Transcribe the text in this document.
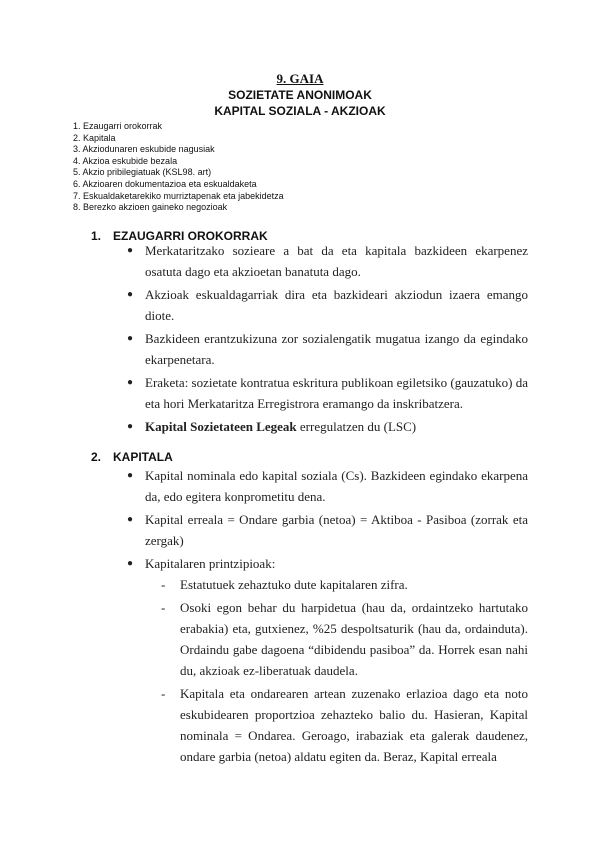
9. GAIA
SOZIETATE ANONIMOAK
KAPITAL SOZIALA - AKZIOAK
1. Ezaugarri orokorrak
2. Kapitala
3. Akziodunaren eskubide nagusiak
4. Akzioa eskubide bezala
5. Akzio pribilegiatuak (KSL98. art)
6. Akzioaren dokumentazioa eta eskualdaketa
7. Eskualdaketarekiko murriztapenak eta jabekidetza
8. Berezko akzioen gaineko negozioak
1. EZAUGARRI OROKORRAK
● Merkataritzako sozieare a bat da eta kapitala bazkideen ekarpenez osatuta dago eta akzioetan banatuta dago.
● Akzioak eskualdagarriak dira eta bazkideari akziodun izaera emango diote.
● Bazkideen erantzukizuna zor sozialengatik mugatua izango da egindako ekarpenetara.
● Eraketa: sozietate kontratua eskritura publikoan egiletsiko (gauzatuko) da eta hori Merkataritza Erregistrora eramango da inskribatzera.
● Kapital Sozietateen Legeak erregulatzen du (LSC)
2. KAPITALA
● Kapital nominala edo kapital soziala (Cs). Bazkideen egindako ekarpena da, edo egitera konprometitu dena.
● Kapital erreala = Ondare garbia (netoa) = Aktiboa - Pasiboa (zorrak eta zergak)
● Kapitalaren printzipioak:
- Estatutuek zehaztuko dute kapitalaren zifra.
- Osoki egon behar du harpidetua (hau da, ordaintzeko hartutako erabakia) eta, gutxienez, %25 despoltsaturik (hau da, ordainduta). Ordaindu gabe dagoena “dibidendu pasiboa” da. Horrek esan nahi du, akzioak ez-liberatuak daudela.
- Kapitala eta ondarearen artean zuzenako erlazioa dago eta noto eskubidearen proportzioa zehazteko balio du. Hasieran, Kapital nominala = Ondarea. Geroago, irabaziak eta galerak daudenez, ondare garbia (netoa) aldatu egiten da. Beraz, Kapital erreala
